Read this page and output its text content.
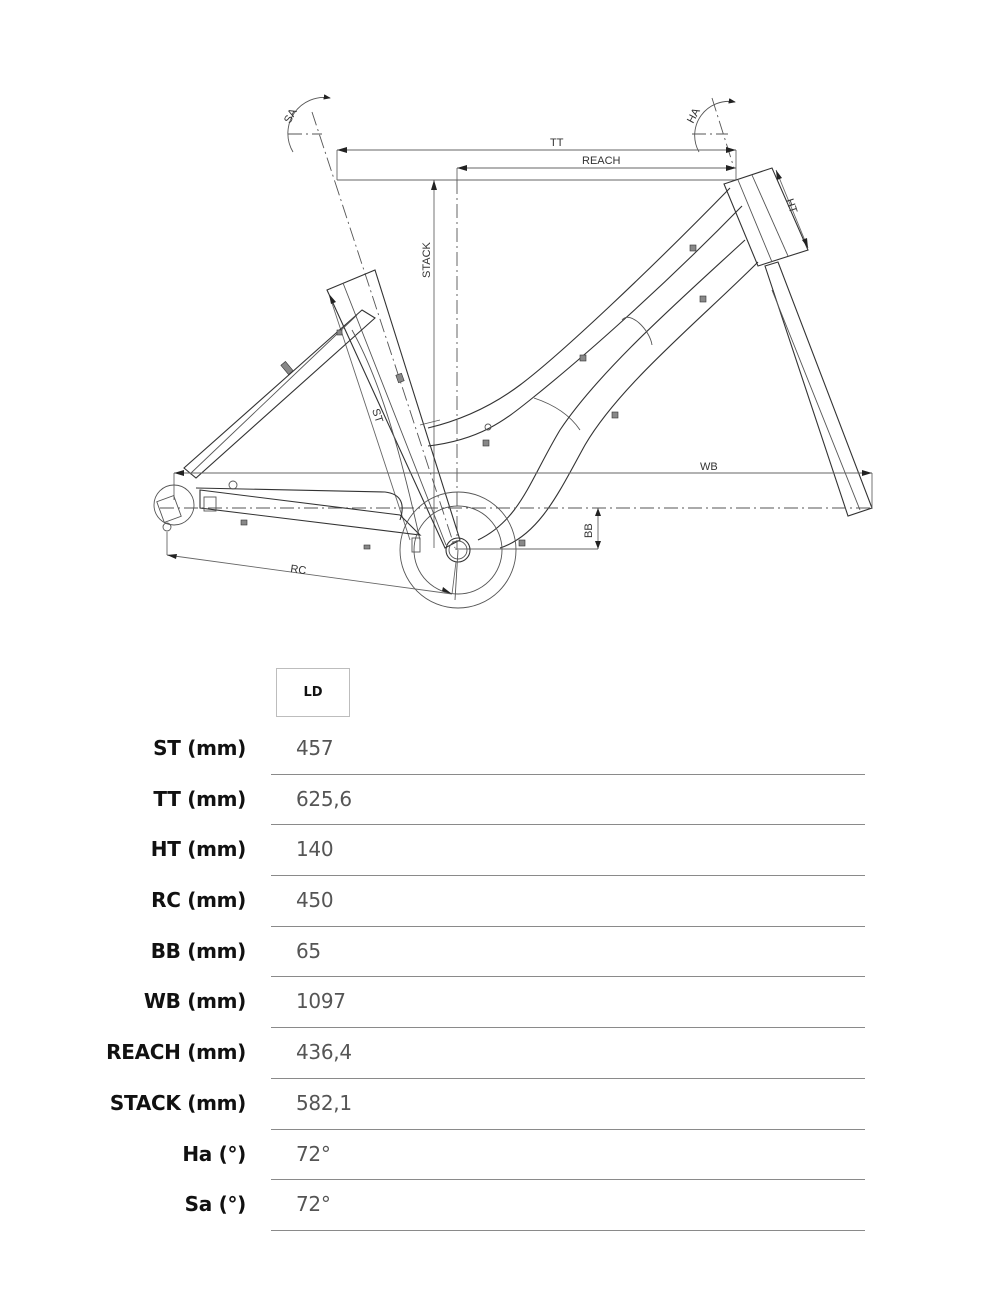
SA	HA
TT
REACH
STACK
ST
HT
WB
BB
RC
LD
ST (mm)	457
TT (mm)	625,6
HT (mm)	140
RC (mm)	450
BB (mm)	65
WB (mm)	1097
REACH (mm)	436,4
STACK (mm)	582,1
Ha (°)	72°
Sa (°)	72°
